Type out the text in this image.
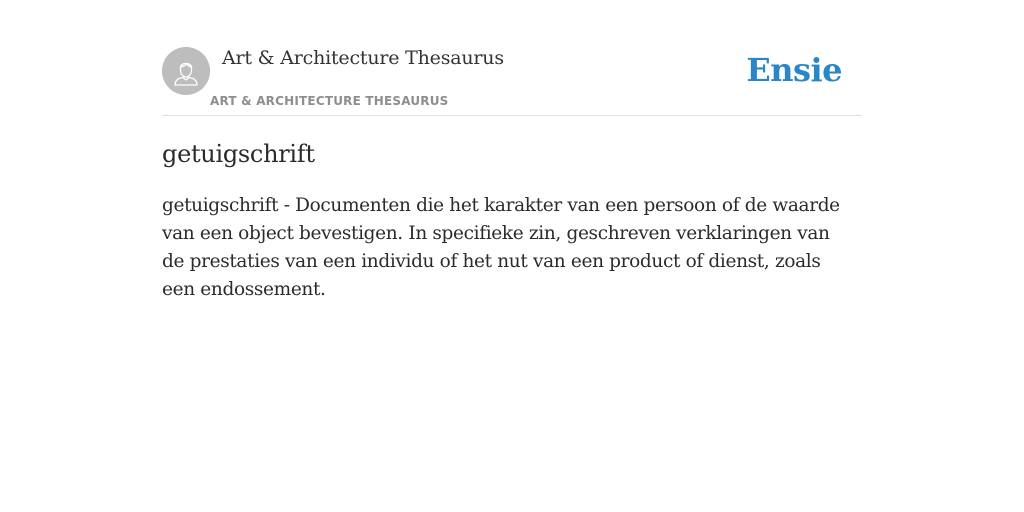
Art & Architecture Thesaurus
ART & ARCHITECTURE THESAURUS
Ensie
getuigschrift

getuigschrift - Documenten die het karakter van een persoon of de waarde van een object bevestigen. In specifieke zin, geschreven verklaringen van de prestaties van een individu of het nut van een product of dienst, zoals een endossement.
